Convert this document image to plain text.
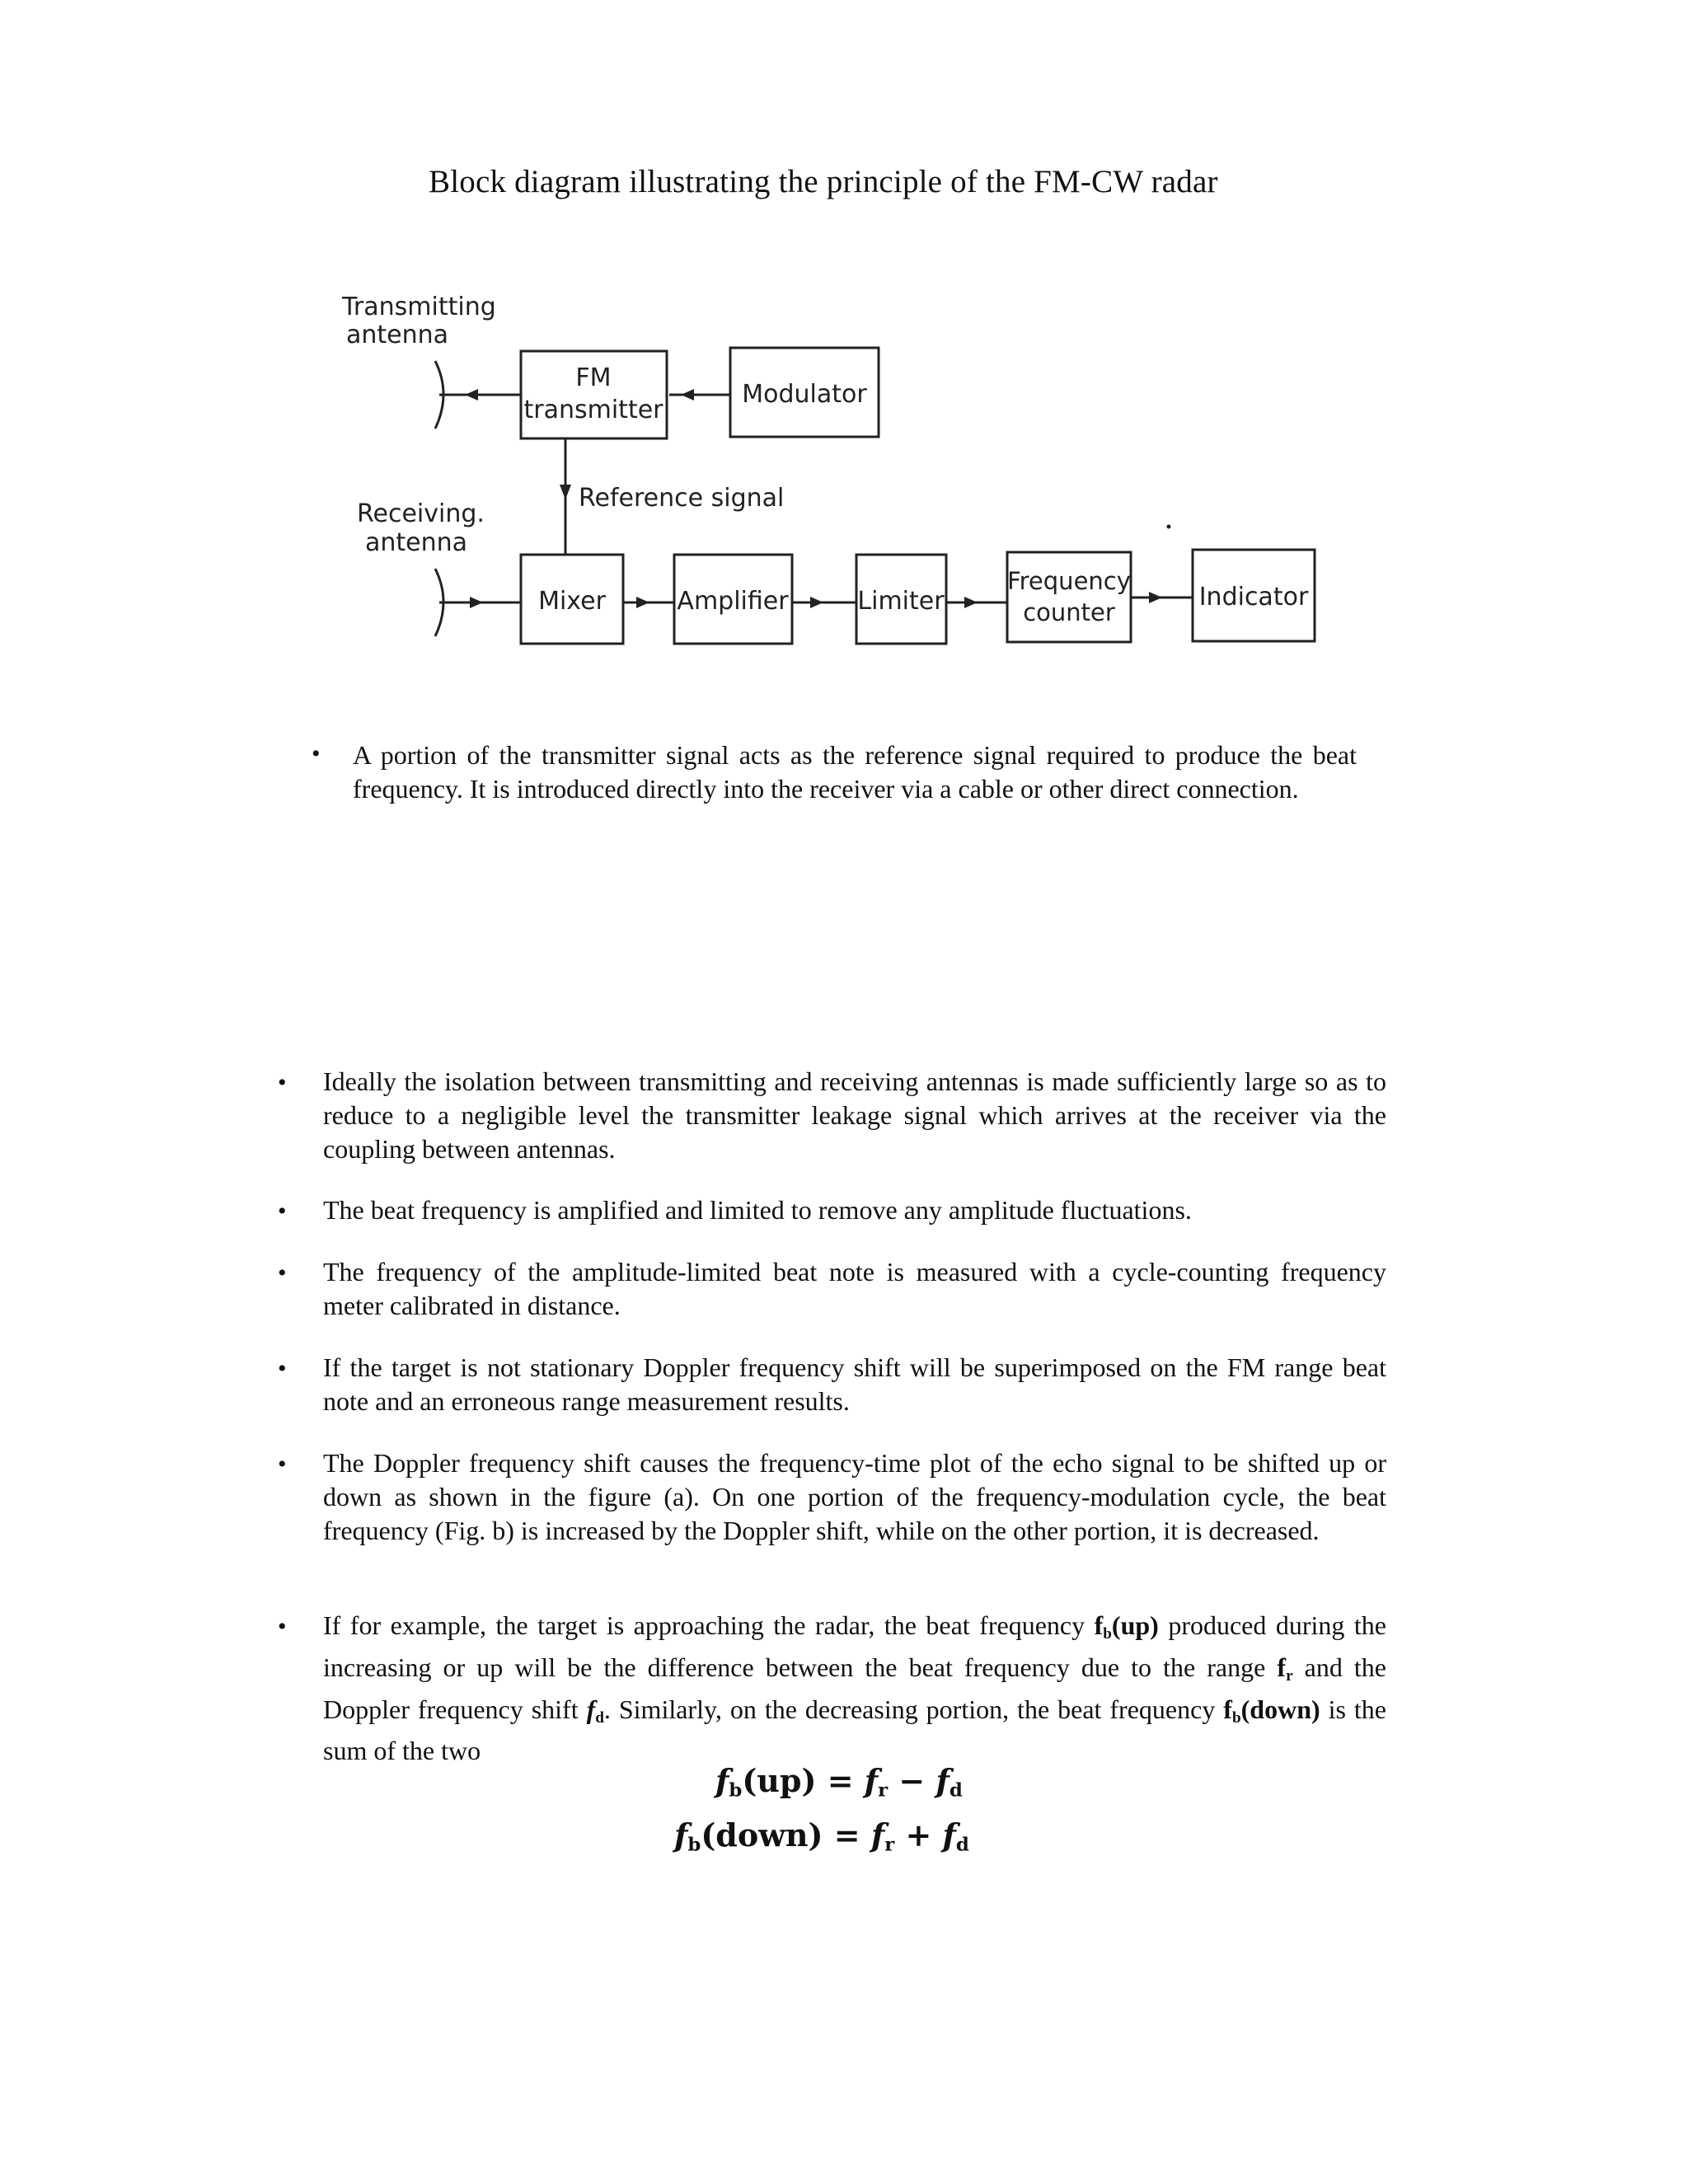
Block diagram illustrating the principle of the FM-CW radar
Transmitting
antenna
Receiving.
antenna
FM
transmitter
Modulator
Reference signal
Mixer	Amplifier	Limiter
Frequency
counter
Indicator
• A portion of the transmitter signal acts as the reference signal required to produce the beat frequency. It is introduced directly into the receiver via a cable or other direct connection.
• Ideally the isolation between transmitting and receiving antennas is made sufficiently large so as to reduce to a negligible level the transmitter leakage signal which arrives at the receiver via the coupling between antennas.
• The beat frequency is amplified and limited to remove any amplitude fluctuations.
• The frequency of the amplitude-limited beat note is measured with a cycle-counting frequency meter calibrated in distance.
• If the target is not stationary Doppler frequency shift will be superimposed on the FM range beat note and an erroneous range measurement results.
• The Doppler frequency shift causes the frequency-time plot of the echo signal to be shifted up or down as shown in the figure (a). On one portion of the frequency-modulation cycle, the beat frequency (Fig. b) is increased by the Doppler shift, while on the other portion, it is decreased.
• If for example, the target is approaching the radar, the beat frequency $f_b(up)$ produced during the increasing or up will be the difference between the beat frequency due to the range $f_r$ and the Doppler frequency shift $f_d$. Similarly, on the decreasing portion, the beat frequency $f_b(down)$ is the sum of the two
$f_b(up) = f_r - f_d$
$f_b(down) = f_r + f_d$
